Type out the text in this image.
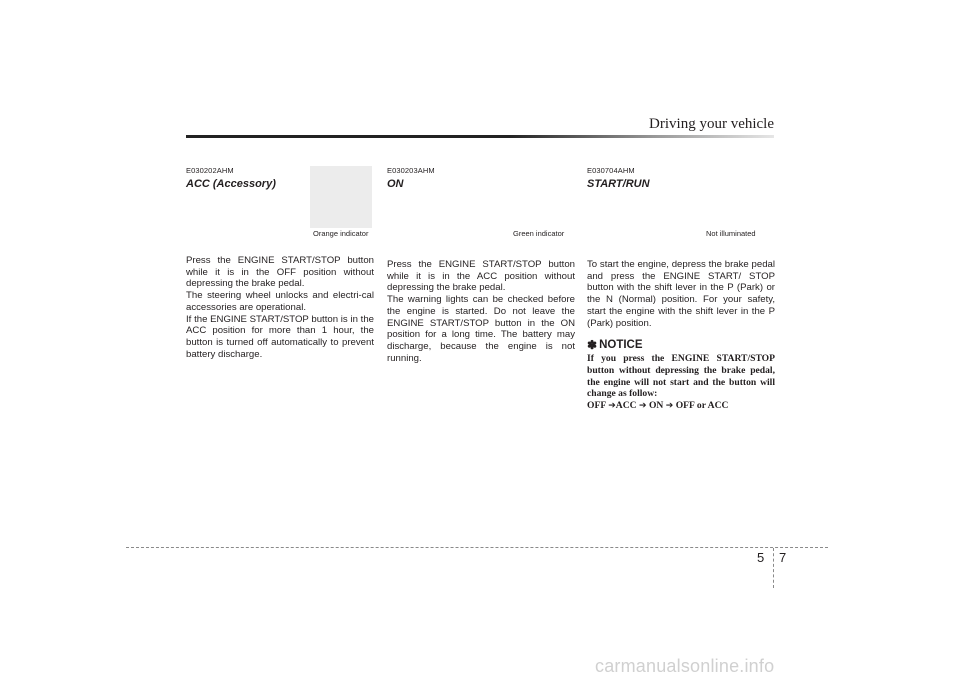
Driving your vehicle
Orange indicator	Green indicator	Not illuminated
E030202AHM
ACC (Accessory)

Press the ENGINE START/STOP button while it is in the OFF position without depressing the brake pedal.
The steering wheel unlocks and electri-cal accessories are operational.
If the ENGINE START/STOP button is in the ACC position for more than 1 hour, the button is turned off automatically to prevent battery discharge.

E030203AHM
ON

Press the ENGINE START/STOP button while it is in the ACC position without depressing the brake pedal.
The warning lights can be checked before the engine is started. Do not leave the ENGINE START/STOP button in the ON position for a long time. The battery may discharge, because the engine is not running.

E030704AHM
START/RUN

To start the engine, depress the brake pedal and press the ENGINE START/ STOP button with the shift lever in the P (Park) or the N (Normal) position. For your safety, start the engine with the shift lever in the P (Park) position.

✽ NOTICE
If you press the ENGINE START/STOP button without depressing the brake pedal, the engine will not start and the button will change as follow:
OFF ➔ACC ➔ ON ➔ OFF or ACC
5 7
carmanualsonline.info
